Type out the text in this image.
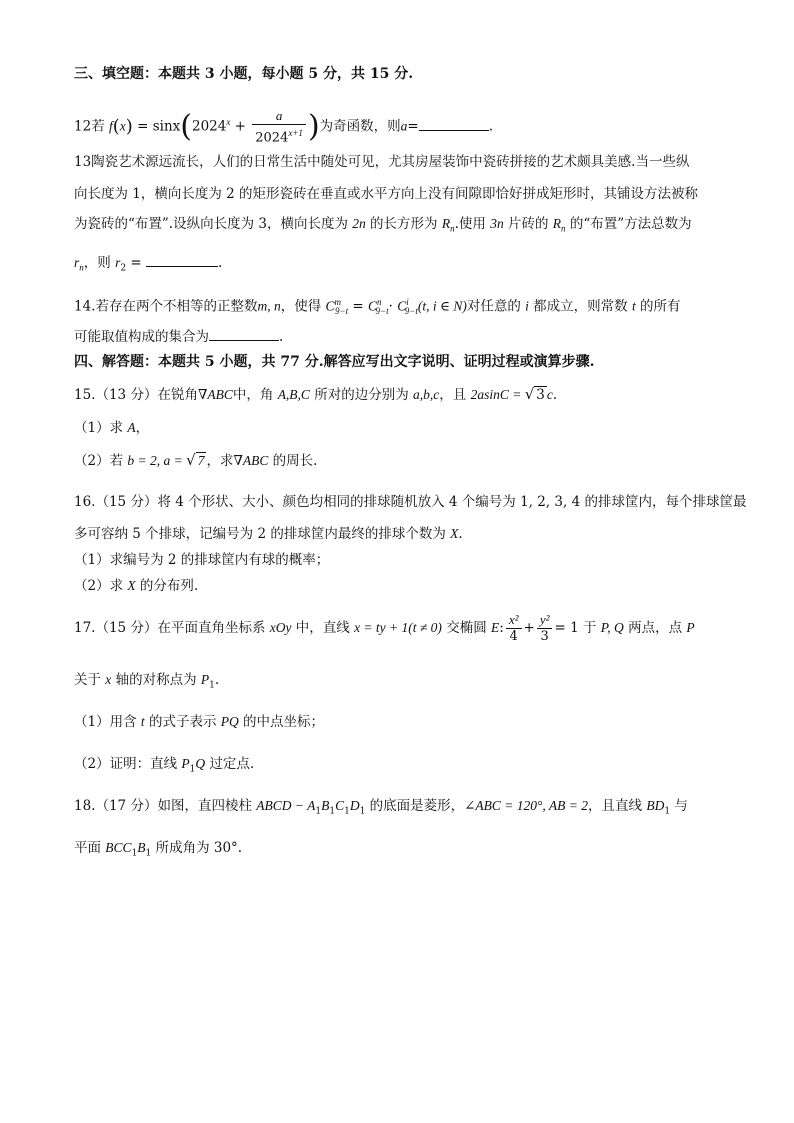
三、填空题：本题共 3 小题，每小题 5 分，共 15 分.
12若 $f(x) = \sin x(2024^x + \frac{a}{2024^{x+1}}$ )为奇函数，则a=	.
13陶瓷艺术源远流长，人们的日常生活中随处可见，尤其房屋装饰中瓷砖拼接的艺术颇具美感.当一些纵
向长度为 1，横向长度为 2 的矩形瓷砖在垂直或水平方向上没有间隙即恰好拼成矩形时，其铺设方法被称
为瓷砖的“布置”.设纵向长度为 3，横向长度为 2n 的长方形为 $R_n$.使用 3n 片砖的 $R_n$ 的“布置”方法总数为
$r_n$，则 $r_2$ =	.
14.若存在两个不相等的正整数m, n，使得 $C^m_{9-t} = C^n_{9-t}\cdot C^i_{9-t}(t$, i ∈ N)对任意的 i 都成立，则常数 t 的所有
可能取值构成的集合为	.
四、解答题：本题共 5 小题，共 77 分.解答应写出文字说明、证明过程或演算步骤.
15.（13 分）在锐角∇ABC中，角 A,B,C 所对的边分别为 a,b,c，且 2asinC = √ 3 c.
（1）求 A，
（2）若 b = 2, a = √ 7 ，求∇ABC 的周长.
16.（15 分）将 4 个形状、大小、颜色均相同的排球随机放入 4 个编号为 1, 2, 3, 4 的排球筐内，每个排球筐最
多可容纳 5 个排球，记编号为 2 的排球筐内最终的排球个数为 X.
（1）求编号为 2 的排球筐内有球的概率；
（2）求 X 的分布列.
17.（15 分）在平面直角坐标系 xOy 中，直线 x = ty + 1(t ≠ 0) 交椭圆 E: $\frac{\text{x²}}{4} + \frac{\text{y²}}{3} = 1$ 于 P, Q 两点，点 P
关于 x 轴的对称点为 $P_1$.
（1）用含 t 的式子表示 PQ 的中点坐标；
（2）证明：直线 $P_1Q$ 过定点.
18.（17 分）如图，直四棱柱 ABCD − $A_1B_1C_1D_1$ 的底面是菱形，∠ABC = 120°, AB = 2，且直线 $BD_1$ 与
平面 $BCC_1B_1$ 所成角为 30°.
